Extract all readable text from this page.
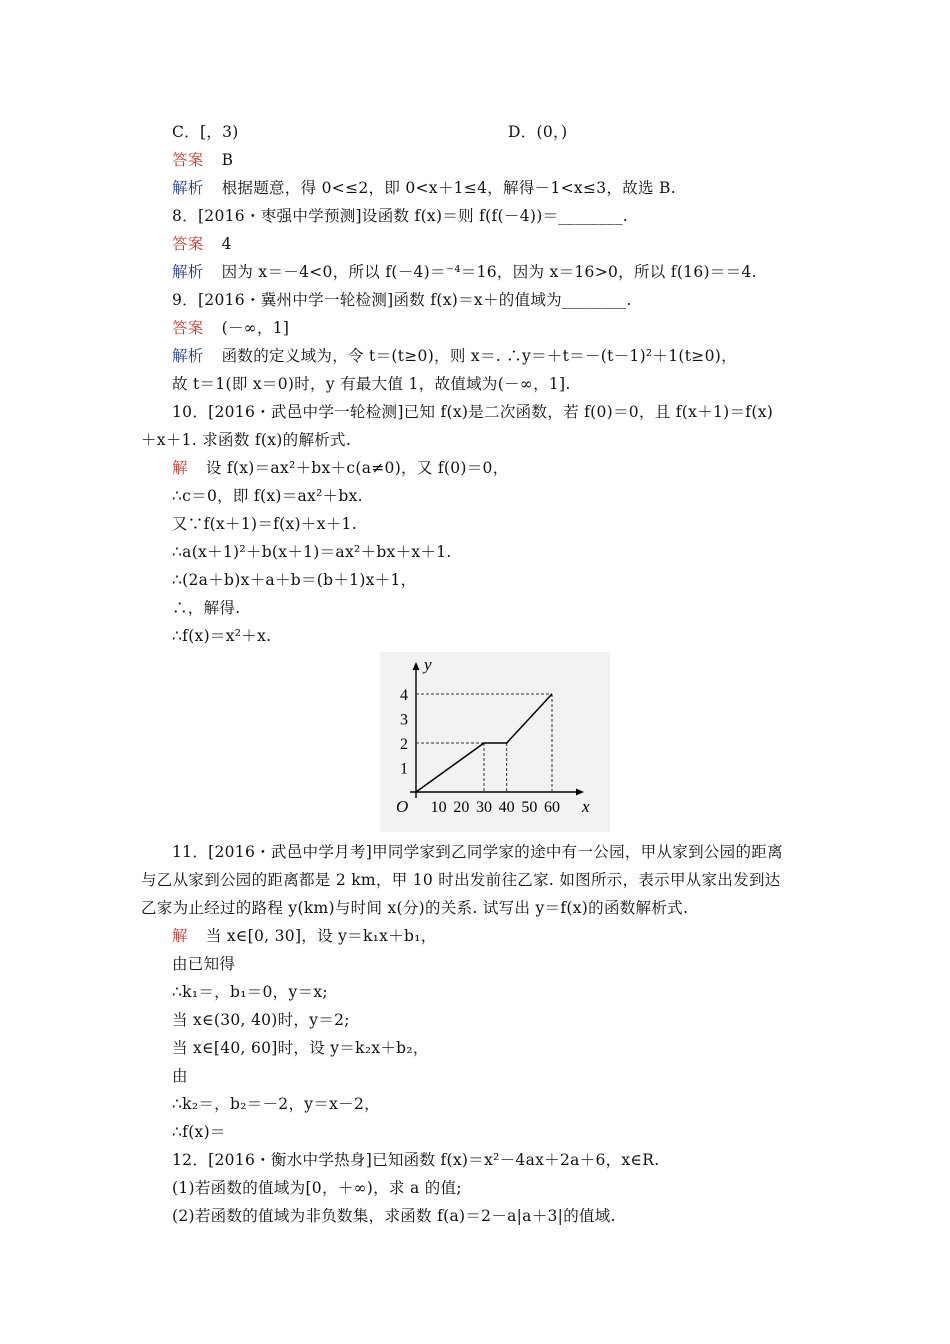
C．[，3)	D．(0，)
答案 B
解析 根据题意，得 0<≤2，即 0<x＋1≤4，解得－1<x≤3，故选 B.
8．[2016・枣强中学预测]设函数 f(x)＝则 f(f(－4))＝________.
答案 4
解析 因为 x＝－4<0，所以 f(－4)＝⁻⁴＝16，因为 x＝16>0，所以 f(16)＝＝4.
9．[2016・冀州中学一轮检测]函数 f(x)＝x＋的值域为________.
答案 (－∞，1]
解析 函数的定义域为，令 t＝(t≥0)，则 x＝. ∴y＝＋t＝－(t－1)²＋1(t≥0)，
故 t＝1(即 x＝0)时，y 有最大值 1，故值域为(－∞，1].
10．[2016・武邑中学一轮检测]已知 f(x)是二次函数，若 f(0)＝0，且 f(x＋1)＝f(x)
＋x＋1. 求函数 f(x)的解析式.
解 设 f(x)＝ax²＋bx＋c(a≠0)，又 f(0)＝0，
∴c＝0，即 f(x)＝ax²＋bx.
又∵f(x＋1)＝f(x)＋x＋1.
∴a(x＋1)²＋b(x＋1)＝ax²＋bx＋x＋1.
∴(2a＋b)x＋a＋b＝(b＋1)x＋1，
∴，解得.
∴f(x)＝x²＋x.
x
y
O 10 20 30 40 50 60
1
2
3
4
11．[2016・武邑中学月考]甲同学家到乙同学家的途中有一公园，甲从家到公园的距离
与乙从家到公园的距离都是 2 km，甲 10 时出发前往乙家. 如图所示，表示甲从家出发到达
乙家为止经过的路程 y(km)与时间 x(分)的关系. 试写出 y＝f(x)的函数解析式.
解 当 x∈[0, 30]，设 y＝k₁x＋b₁，
由已知得
∴k₁＝，b₁＝0，y＝x;
当 x∈(30, 40)时，y＝2;
当 x∈[40, 60]时，设 y＝k₂x＋b₂，
由
∴k₂＝，b₂＝－2，y＝x－2，
∴f(x)＝
12．[2016・衡水中学热身]已知函数 f(x)＝x²－4ax＋2a＋6，x∈R.
(1)若函数的值域为[0，＋∞)，求 a 的值;
(2)若函数的值域为非负数集，求函数 f(a)＝2－a|a＋3|的值域.
